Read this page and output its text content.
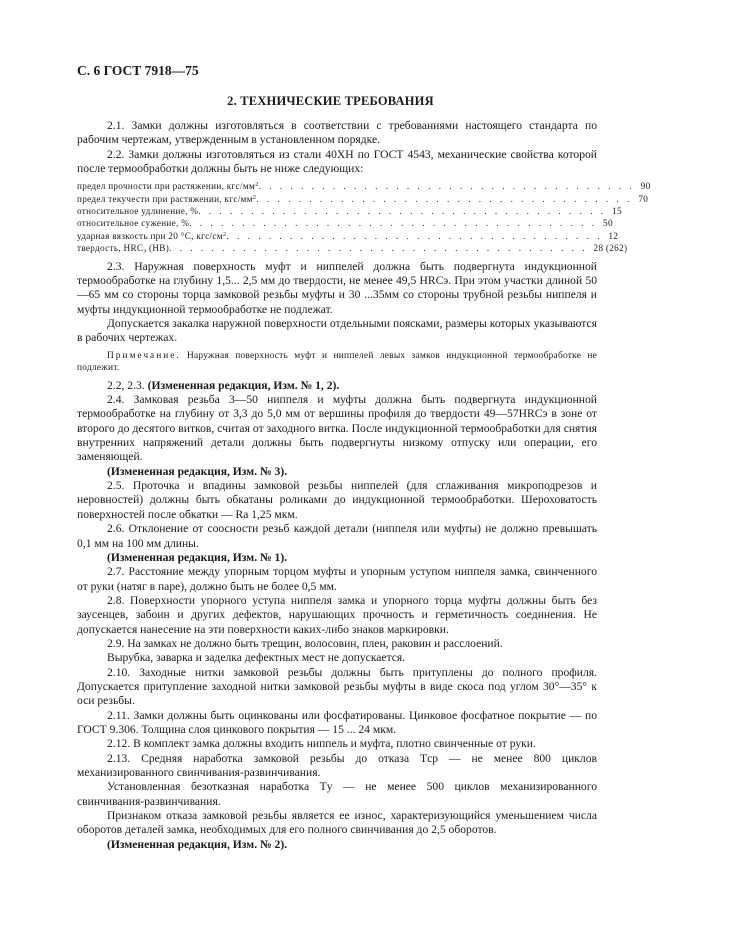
С. 6 ГОСТ 7918—75
2. ТЕХНИЧЕСКИЕ ТРЕБОВАНИЯ

2.1. Замки должны изготовляться в соответствии с требованиями настоящего стандарта по рабочим чертежам, утвержденным в установленном порядке.

2.2. Замки должны изготовляться из стали 40ХН по ГОСТ 4543, механические свойства которой после термообработки должны быть не ниже следующих:

предел прочности при растяжении, кгс/$мм^2$ . . . . . . . . . . . . . . . . . . . . . . . . . . . . . . . . . . . . 90
предел текучести при растяжении, кгс/$мм^2$ . . . . . . . . . . . . . . . . . . . . . . . . . . . . . . . . . . . . 70
относительное удлинение, % . . . . . . . . . . . . . . . . . . . . . . . . . . . . . . . . . . . . . . . 15
относительное сужение, % . . . . . . . . . . . . . . . . . . . . . . . . . . . . . . . . . . . . . . . 50
ударная вязкость при 20 °С, кгс/$см^2$ . . . . . . . . . . . . . . . . . . . . . . . . . . . . . . . . . . . . 12
твердость, $HRC_э$ (НВ) . . . . . . . . . . . . . . . . . . . . . . . . . . . . . . . . . . . . . . . . 28 (262)

2.3. Наружная поверхность муфт и ниппелей должна быть подвергнута индукционной термообработке на глубину 1,5... 2,5 мм до твердости, не менее 49,5 HRCэ. При этом участки длиной 50—65 мм со стороны торца замковой резьбы муфты и 30 ...35мм со стороны трубной резьбы ниппеля и муфты индукционной термообработке не подлежат.

Допускается закалка наружной поверхности отдельными поясками, размеры которых указываются в рабочих чертежах.

Примечание. Наружная поверхность муфт и ниппелей левых замков индукционной термообработке не подлежит.

2.2, 2.3. (Измененная редакция, Изм. № 1, 2).

2.4. Замковая резьба 3—50 ниппеля и муфты должна быть подвергнута индукционной термообработке на глубину от 3,3 до 5,0 мм от вершины профиля до твердости 49—57HRCэ в зоне от второго до десятого витков, считая от заходного витка. После индукционной термообработки для снятия внутренних напряжений детали должны быть подвергнуты низкому отпуску или операции, его заменяющей.

(Измененная редакция, Изм. № 3).

2.5. Проточка и впадины замковой резьбы ниппелей (для сглаживания микроподрезов и неровностей) должны быть обкатаны роликами до индукционной термообработки. Шероховатость поверхностей после обкатки — Ra 1,25 мкм.

2.6. Отклонение от соосности резьб каждой детали (ниппеля или муфты) не должно превышать 0,1 мм на 100 мм длины.

(Измененная редакция, Изм. № 1).

2.7. Расстояние между упорным торцом муфты и упорным уступом ниппеля замка, свинченного от руки (натяг в паре), должно быть не более 0,5 мм.

2.8. Поверхности упорного уступа ниппеля замка и упорного торца муфты должны быть без заусенцев, забоин и других дефектов, нарушающих прочность и герметичность соединения. Не допускается нанесение на эти поверхности каких-либо знаков маркировки.

2.9. На замках не должно быть трещин, волосовин, плен, раковин и расслоений.

Вырубка, заварка и заделка дефектных мест не допускается.

2.10. Заходные нитки замковой резьбы должны быть притуплены до полного профиля. Допускается притупление заходной нитки замковой резьбы муфты в виде скоса под углом 30°—35° к оси резьбы.

2.11. Замки должны быть оцинкованы или фосфатированы. Цинковое фосфатное покрытие — по ГОСТ 9.306. Толщина слоя цинкового покрытия — 15 ... 24 мкм.

2.12. В комплект замка должны входить ниппель и муфта, плотно свинченные от руки.

2.13. Средняя наработка замковой резьбы до отказа Tср — не менее 800 циклов механизированного свинчивания-развинчивания.

Установленная безотказная наработка Tу — не менее 500 циклов механизированного свинчивания-развинчивания.

Признаком отказа замковой резьбы является ее износ, характеризующийся уменьшением числа оборотов деталей замка, необходимых для его полного свинчивания до 2,5 оборотов.

(Измененная редакция, Изм. № 2).
